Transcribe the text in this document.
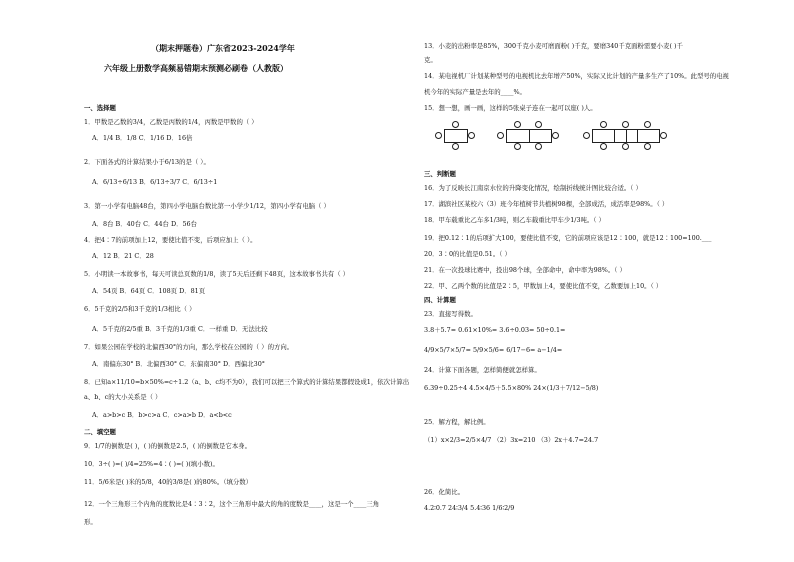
（期末押题卷）广东省2023-2024学年
六年级上册数学高频易错期末预测必刷卷（人教版）
一、选择题
1．甲数是乙数的3/4，乙数是丙数的1/4，丙数是甲数的（ ）
A．1/4 B．1/8 C．1/16 D．16倍
2．下面各式的计算结果小于6/13的是（ ）。
A．6/13÷6/13 B．6/13÷3/7 C．6/13÷1
3．第一小学有电脑48台，第四小学电脑台数比第一小学少1/12，第四小学有电脑（ ）
A．8台 B．40台 C．44台 D．56台
4．把4∶7的前项加上12，要使比值不变，后项应加上（ ）。
A．12 B．21 C．28
5．小明读一本故事书，每天可读总页数的1/8，读了5天后还剩下48页，这本故事书共有（ ）
A．54页 B．64页 C．108页 D．81页
6．5千克的2/5和3千克的1/3相比（ ）
A．5千克的2/5重 B．3千克的1/3重 C．一样重 D．无法比较
7．如果公园在学校的北偏西30°的方向，那么学校在公园的（ ）的方向。
A．南偏东30° B．北偏西30° C．东偏南30° D．西偏北30°
8．已知a×11/10=b×50%=c÷1.2（a、b、c均不为0），我们可以把三个算式的计算结果都假设成1，依次计算出
a、b、c的大小关系是（ ）
A．a>b>c B．b>c>a C．c>a>b D．a<b<c
二、填空题
9．1/7的倒数是( )，( )的倒数是2.5，( )的倒数是它本身。
10．3÷( )=( )/4=25%=4∶( )=( )(填小数)。
11．5/6米是( )米的5/8，40的3/8是( )的80%。（填分数）
12．一个三角形三个内角的度数比是4∶3∶2，这个三角形中最大的角的度数是____，这是一个____三角
形。
13．小麦的出粉率是85%，300千克小麦可磨面粉( )千克，要磨340千克面粉需要小麦( )千
克。
14．某电视机厂计划某种型号的电视机比去年增产50%，实际又比计划的产量多生产了10%。此型号的电视
机今年的实际产量是去年的____%。
15．想一想，画一画，这样的5张桌子连在一起可以座( )人。
三、判断题
16．为了反映长江南京水位的升降变化情况，绘制折线统计图比较合适。（ ）
17．湖滨社区某校六（3）班今年植树节共植树98棵，全部成活，成活率是98%。（ ）
18．甲车载重比乙车多1/3吨，则乙车载重比甲车少1/3吨。（ ）
19．把0.12∶1的后项扩大100，要使比值不变，它的前项应该是12∶100，就是12∶100=100.___
20．3∶0的比值是0.51。（ ）
21．在一次投球比赛中，投出98个球，全部命中，命中率为98%。（ ）
22．甲、乙两个数的比值是2∶5，甲数加上4，要使比值不变，乙数要加上10。（ ）
四、计算题
23．直接写得数。
3.8＋5.7= 0.61×10%= 3.6÷0.03= 50÷0.1=
4/9×5/7×5/7= 5/9×5/6= 6/17−6= a−1/4=
24．计算下面各题，怎样简便就怎样算。
6.39÷0.25÷4 4.5×4/5＋5.5×80% 24×(1/3＋7/12−5/8)
25．解方程，解比例。
（1）x×2/3=2/5×4/7 （2）3x=210 （3）2x＋4.7=24.7
26．化简比。
4.2∶0.7 24∶3/4 5.4∶36 1/6∶2/9
